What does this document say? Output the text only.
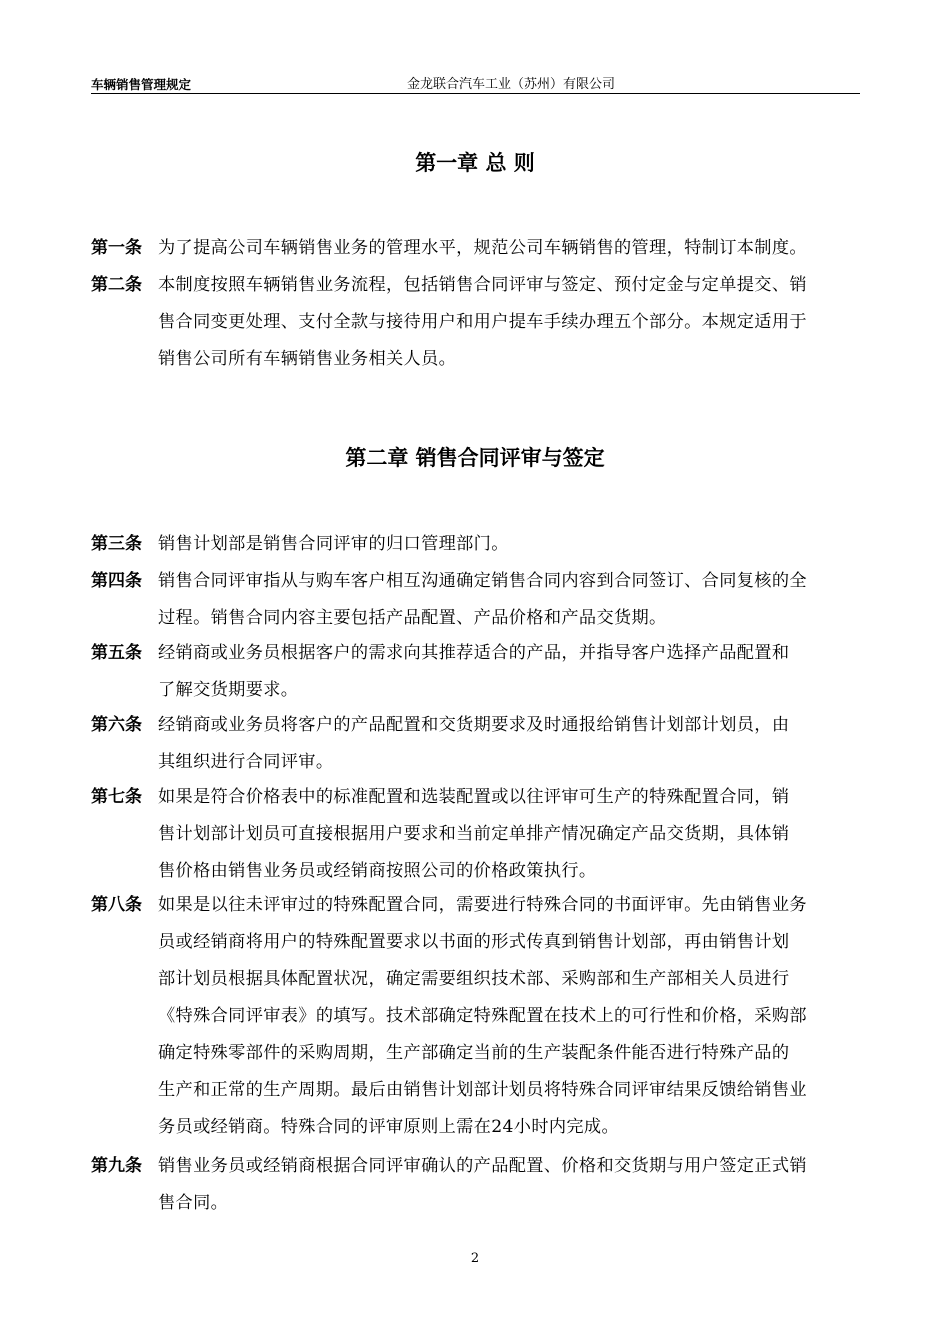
车辆销售管理规定	金龙联合汽车工业（苏州）有限公司
第一章 总 则
第一条 为了提高公司车辆销售业务的管理水平，规范公司车辆销售的管理，特制订本制度。
第二条 本制度按照车辆销售业务流程，包括销售合同评审与签定、预付定金与定单提交、销
售合同变更处理、支付全款与接待用户和用户提车手续办理五个部分。本规定适用于
销售公司所有车辆销售业务相关人员。
第二章 销售合同评审与签定
第三条 销售计划部是销售合同评审的归口管理部门。
第四条 销售合同评审指从与购车客户相互沟通确定销售合同内容到合同签订、合同复核的全
过程。销售合同内容主要包括产品配置、产品价格和产品交货期。
第五条 经销商或业务员根据客户的需求向其推荐适合的产品，并指导客户选择产品配置和
了解交货期要求。
第六条 经销商或业务员将客户的产品配置和交货期要求及时通报给销售计划部计划员，由
其组织进行合同评审。
第七条 如果是符合价格表中的标准配置和选装配置或以往评审可生产的特殊配置合同，销
售计划部计划员可直接根据用户要求和当前定单排产情况确定产品交货期，具体销
售价格由销售业务员或经销商按照公司的价格政策执行。
第八条 如果是以往未评审过的特殊配置合同，需要进行特殊合同的书面评审。先由销售业务
员或经销商将用户的特殊配置要求以书面的形式传真到销售计划部，再由销售计划
部计划员根据具体配置状况，确定需要组织技术部、采购部和生产部相关人员进行
《特殊合同评审表》的填写。技术部确定特殊配置在技术上的可行性和价格，采购部
确定特殊零部件的采购周期，生产部确定当前的生产装配条件能否进行特殊产品的
生产和正常的生产周期。最后由销售计划部计划员将特殊合同评审结果反馈给销售业
务员或经销商。特殊合同的评审原则上需在24小时内完成。
第九条 销售业务员或经销商根据合同评审确认的产品配置、价格和交货期与用户签定正式销
售合同。
2
